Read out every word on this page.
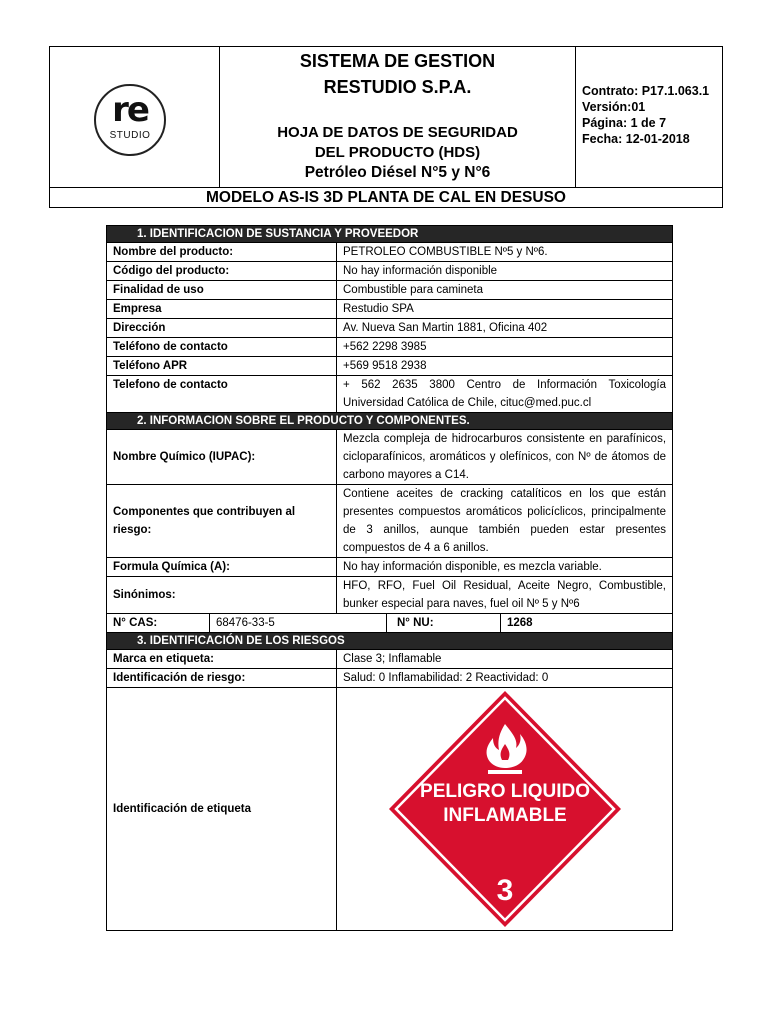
re
STUDIO
SISTEMA DE GESTION
RESTUDIO S.P.A.
HOJA DE DATOS DE SEGURIDAD
DEL PRODUCTO (HDS)
Petróleo Diésel N°5 y N°6
Contrato: P17.1.063.1
Versión:01
Página: 1 de 7
Fecha: 12-01-2018
MODELO AS-IS 3D PLANTA DE CAL EN DESUSO
1. IDENTIFICACION DE SUSTANCIA Y PROVEEDOR				
Nombre del producto:		PETROLEO COMBUSTIBLE Nº5 y Nº6.		
Código del producto:		No hay información disponible		
Finalidad de uso		Combustible para camineta		
Empresa		Restudio SPA		
Dirección		Av. Nueva San Martin 1881, Oficina 402		
Teléfono de contacto		+562 2298 3985		
Teléfono APR		+569 9518 2938		
Telefono de contacto		+ 562 2635 3800 Centro de Información Toxicología Universidad Católica de Chile, cituc@med.puc.cl		
2. INFORMACION SOBRE EL PRODUCTO Y COMPONENTES.				
Nombre Químico (IUPAC):		Mezcla compleja de hidrocarburos consistente en parafínicos, cicloparafínicos, aromáticos y olefínicos, con Nº de átomos de carbono mayores a C14.		
Componentes que contribuyen al riesgo:		Contiene aceites de cracking catalíticos en los que están presentes compuestos aromáticos policíclicos, principalmente de 3 anillos, aunque también pueden estar presentes compuestos de 4 a 6 anillos.		
Formula Química (A):		No hay información disponible, es mezcla variable.		
Sinónimos:		HFO, RFO, Fuel Oil Residual, Aceite Negro, Combustible, bunker especial para naves, fuel oil Nº 5 y Nº6		
N° CAS:	68476-33-5		N° NU:	1268
3. IDENTIFICACIÓN DE LOS RIESGOS				
Marca en etiqueta:		Clase 3; Inflamable		
Identificación de riesgo:		Salud: 0 Inflamabilidad: 2 Reactividad: 0		
Identificación de etiqueta		PELIGRO LIQUIDO
INFLAMABLE
3		
